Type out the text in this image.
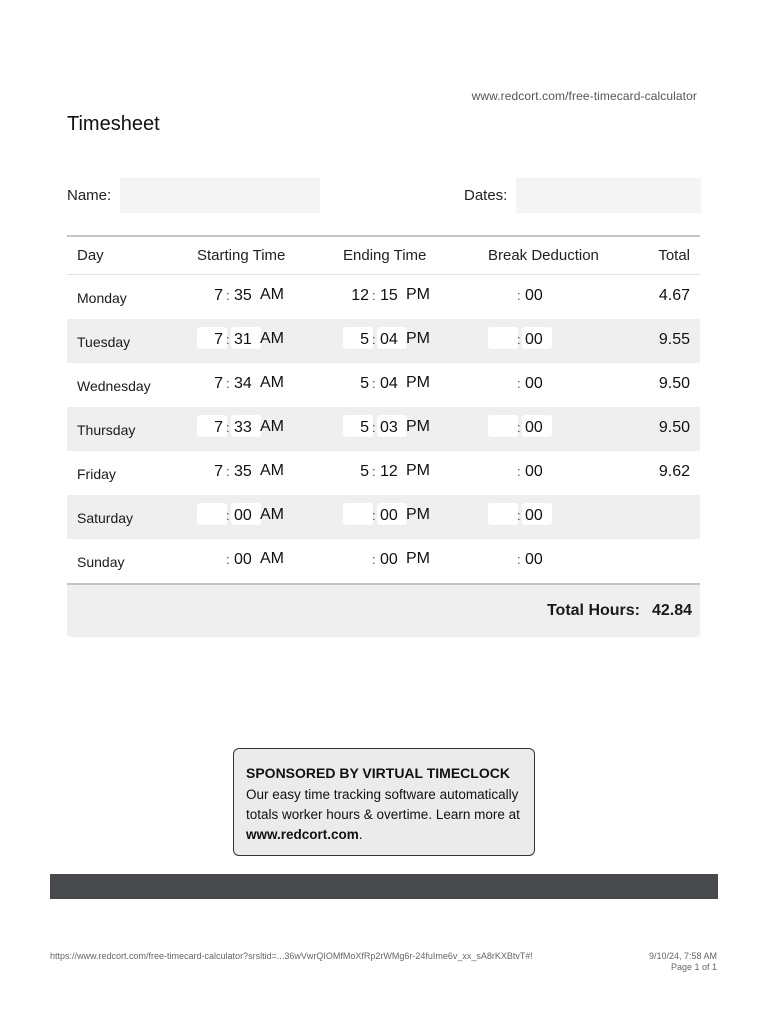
www.redcort.com/free-timecard-calculator
Timesheet
Name:	Dates:
Day	Starting Time	Ending Time	Break Deduction	Total
Monday	7 : 35 AM	12 : 15 PM	: 00	4.67
Tuesday	7 : 31 AM	5 : 04 PM	: 00	9.55
Wednesday	7 : 34 AM	5 : 04 PM	: 00	9.50
Thursday	7 : 33 AM	5 : 03 PM	: 00	9.50
Friday	7 : 35 AM	5 : 12 PM	: 00	9.62
Saturday	: 00 AM	: 00 PM	: 00
Sunday	: 00 AM	: 00 PM	: 00
Total Hours: 42.84
SPONSORED BY VIRTUAL TIMECLOCK
Our easy time tracking software automatically totals worker hours & overtime. Learn more at www.redcort.com.
https://www.redcort.com/free-timecard-calculator?srsltid=...36wVwrQIOMfMoXfRp2rWMg6r-24fuIme6v_xx_sA8rKXBtvT#!	9/10/24, 7:58 AM
Page 1 of 1
